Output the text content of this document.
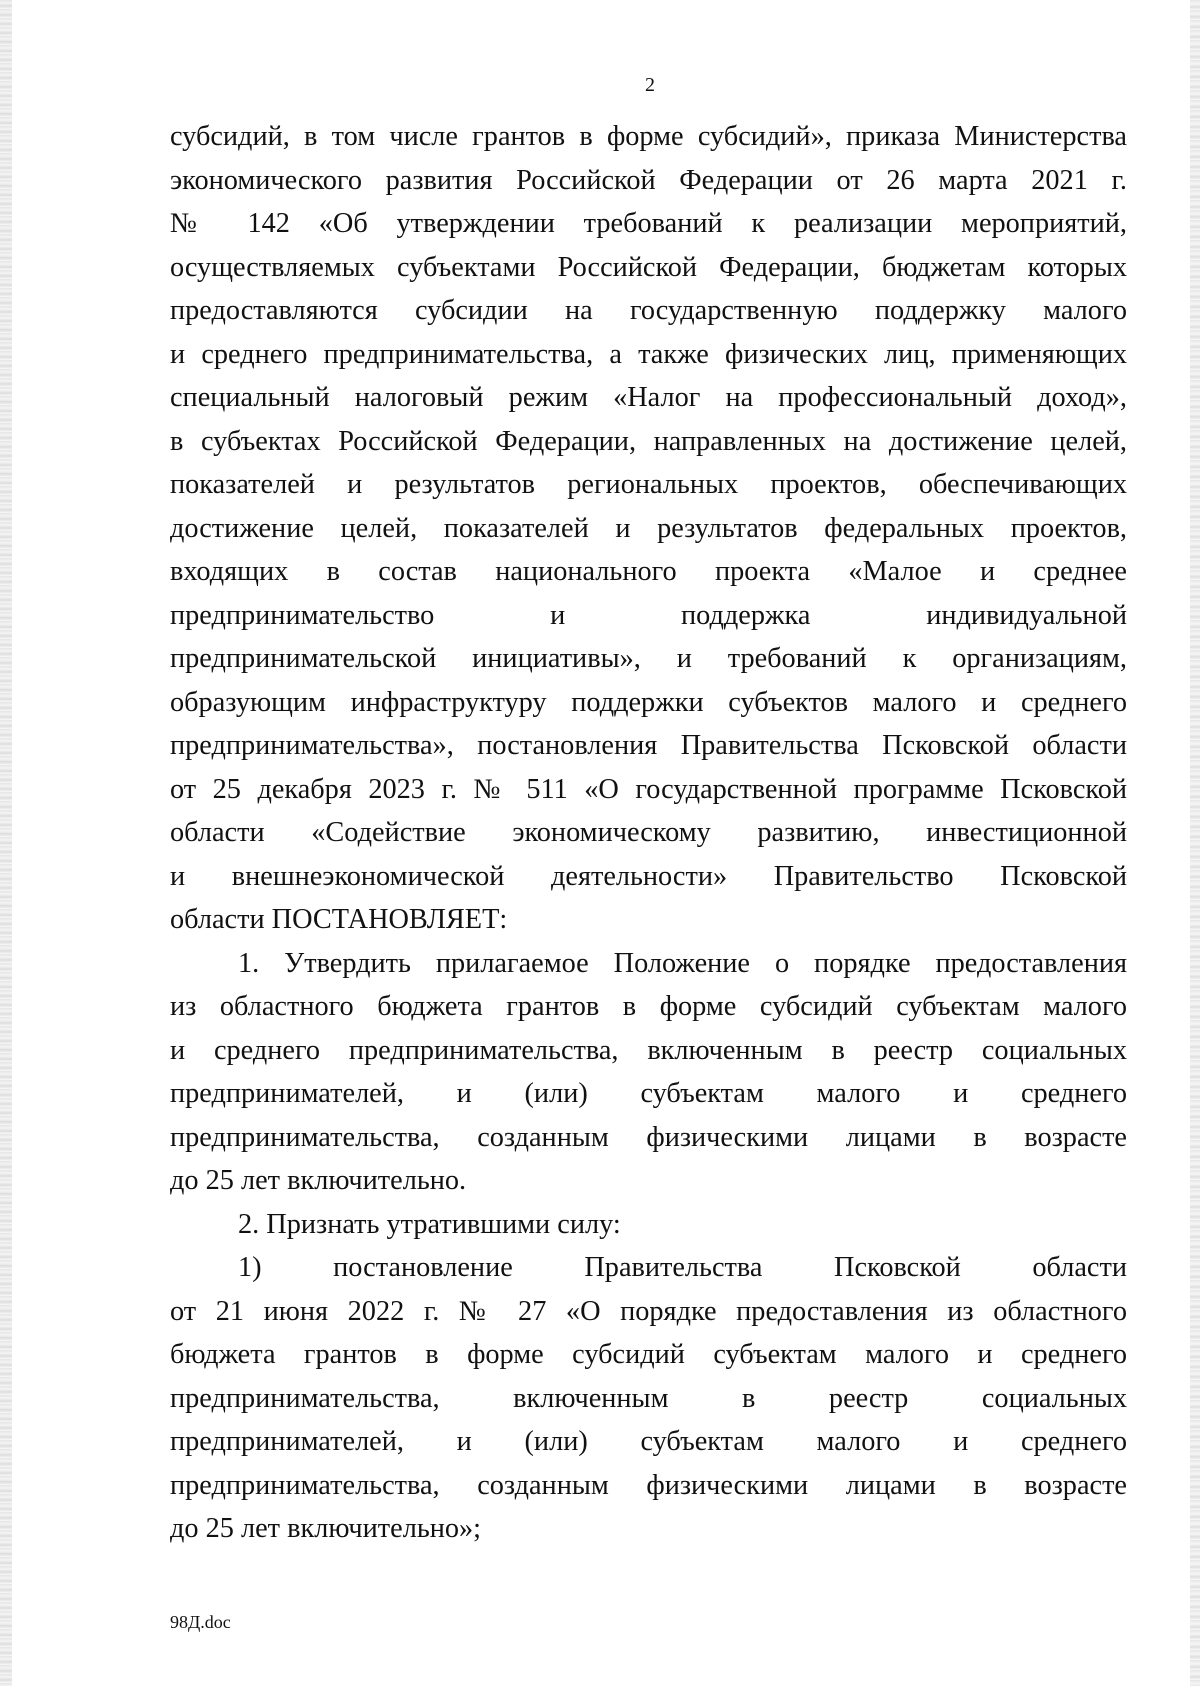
2
субсидий, в том числе грантов в форме субсидий», приказа Министерства
экономического развития Российской Федерации от 26 марта 2021 г.
№ 142 «Об утверждении требований к реализации мероприятий,
осуществляемых субъектами Российской Федерации, бюджетам которых
предоставляются субсидии на государственную поддержку малого
и среднего предпринимательства, а также физических лиц, применяющих
специальный налоговый режим «Налог на профессиональный доход»,
в субъектах Российской Федерации, направленных на достижение целей,
показателей и результатов региональных проектов, обеспечивающих
достижение целей, показателей и результатов федеральных проектов,
входящих в состав национального проекта «Малое и среднее
предпринимательство и поддержка индивидуальной
предпринимательской инициативы», и требований к организациям,
образующим инфраструктуру поддержки субъектов малого и среднего
предпринимательства», постановления Правительства Псковской области
от 25 декабря 2023 г. № 511 «О государственной программе Псковской
области «Содействие экономическому развитию, инвестиционной
и внешнеэкономической деятельности» Правительство Псковской
области ПОСТАНОВЛЯЕТ:
1. Утвердить прилагаемое Положение о порядке предоставления
из областного бюджета грантов в форме субсидий субъектам малого
и среднего предпринимательства, включенным в реестр социальных
предпринимателей, и (или) субъектам малого и среднего
предпринимательства, созданным физическими лицами в возрасте
до 25 лет включительно.
2. Признать утратившими силу:
1) постановление Правительства Псковской области
от 21 июня 2022 г. № 27 «О порядке предоставления из областного
бюджета грантов в форме субсидий субъектам малого и среднего
предпринимательства, включенным в реестр социальных
предпринимателей, и (или) субъектам малого и среднего
предпринимательства, созданным физическими лицами в возрасте
до 25 лет включительно»;
98Д.doc
